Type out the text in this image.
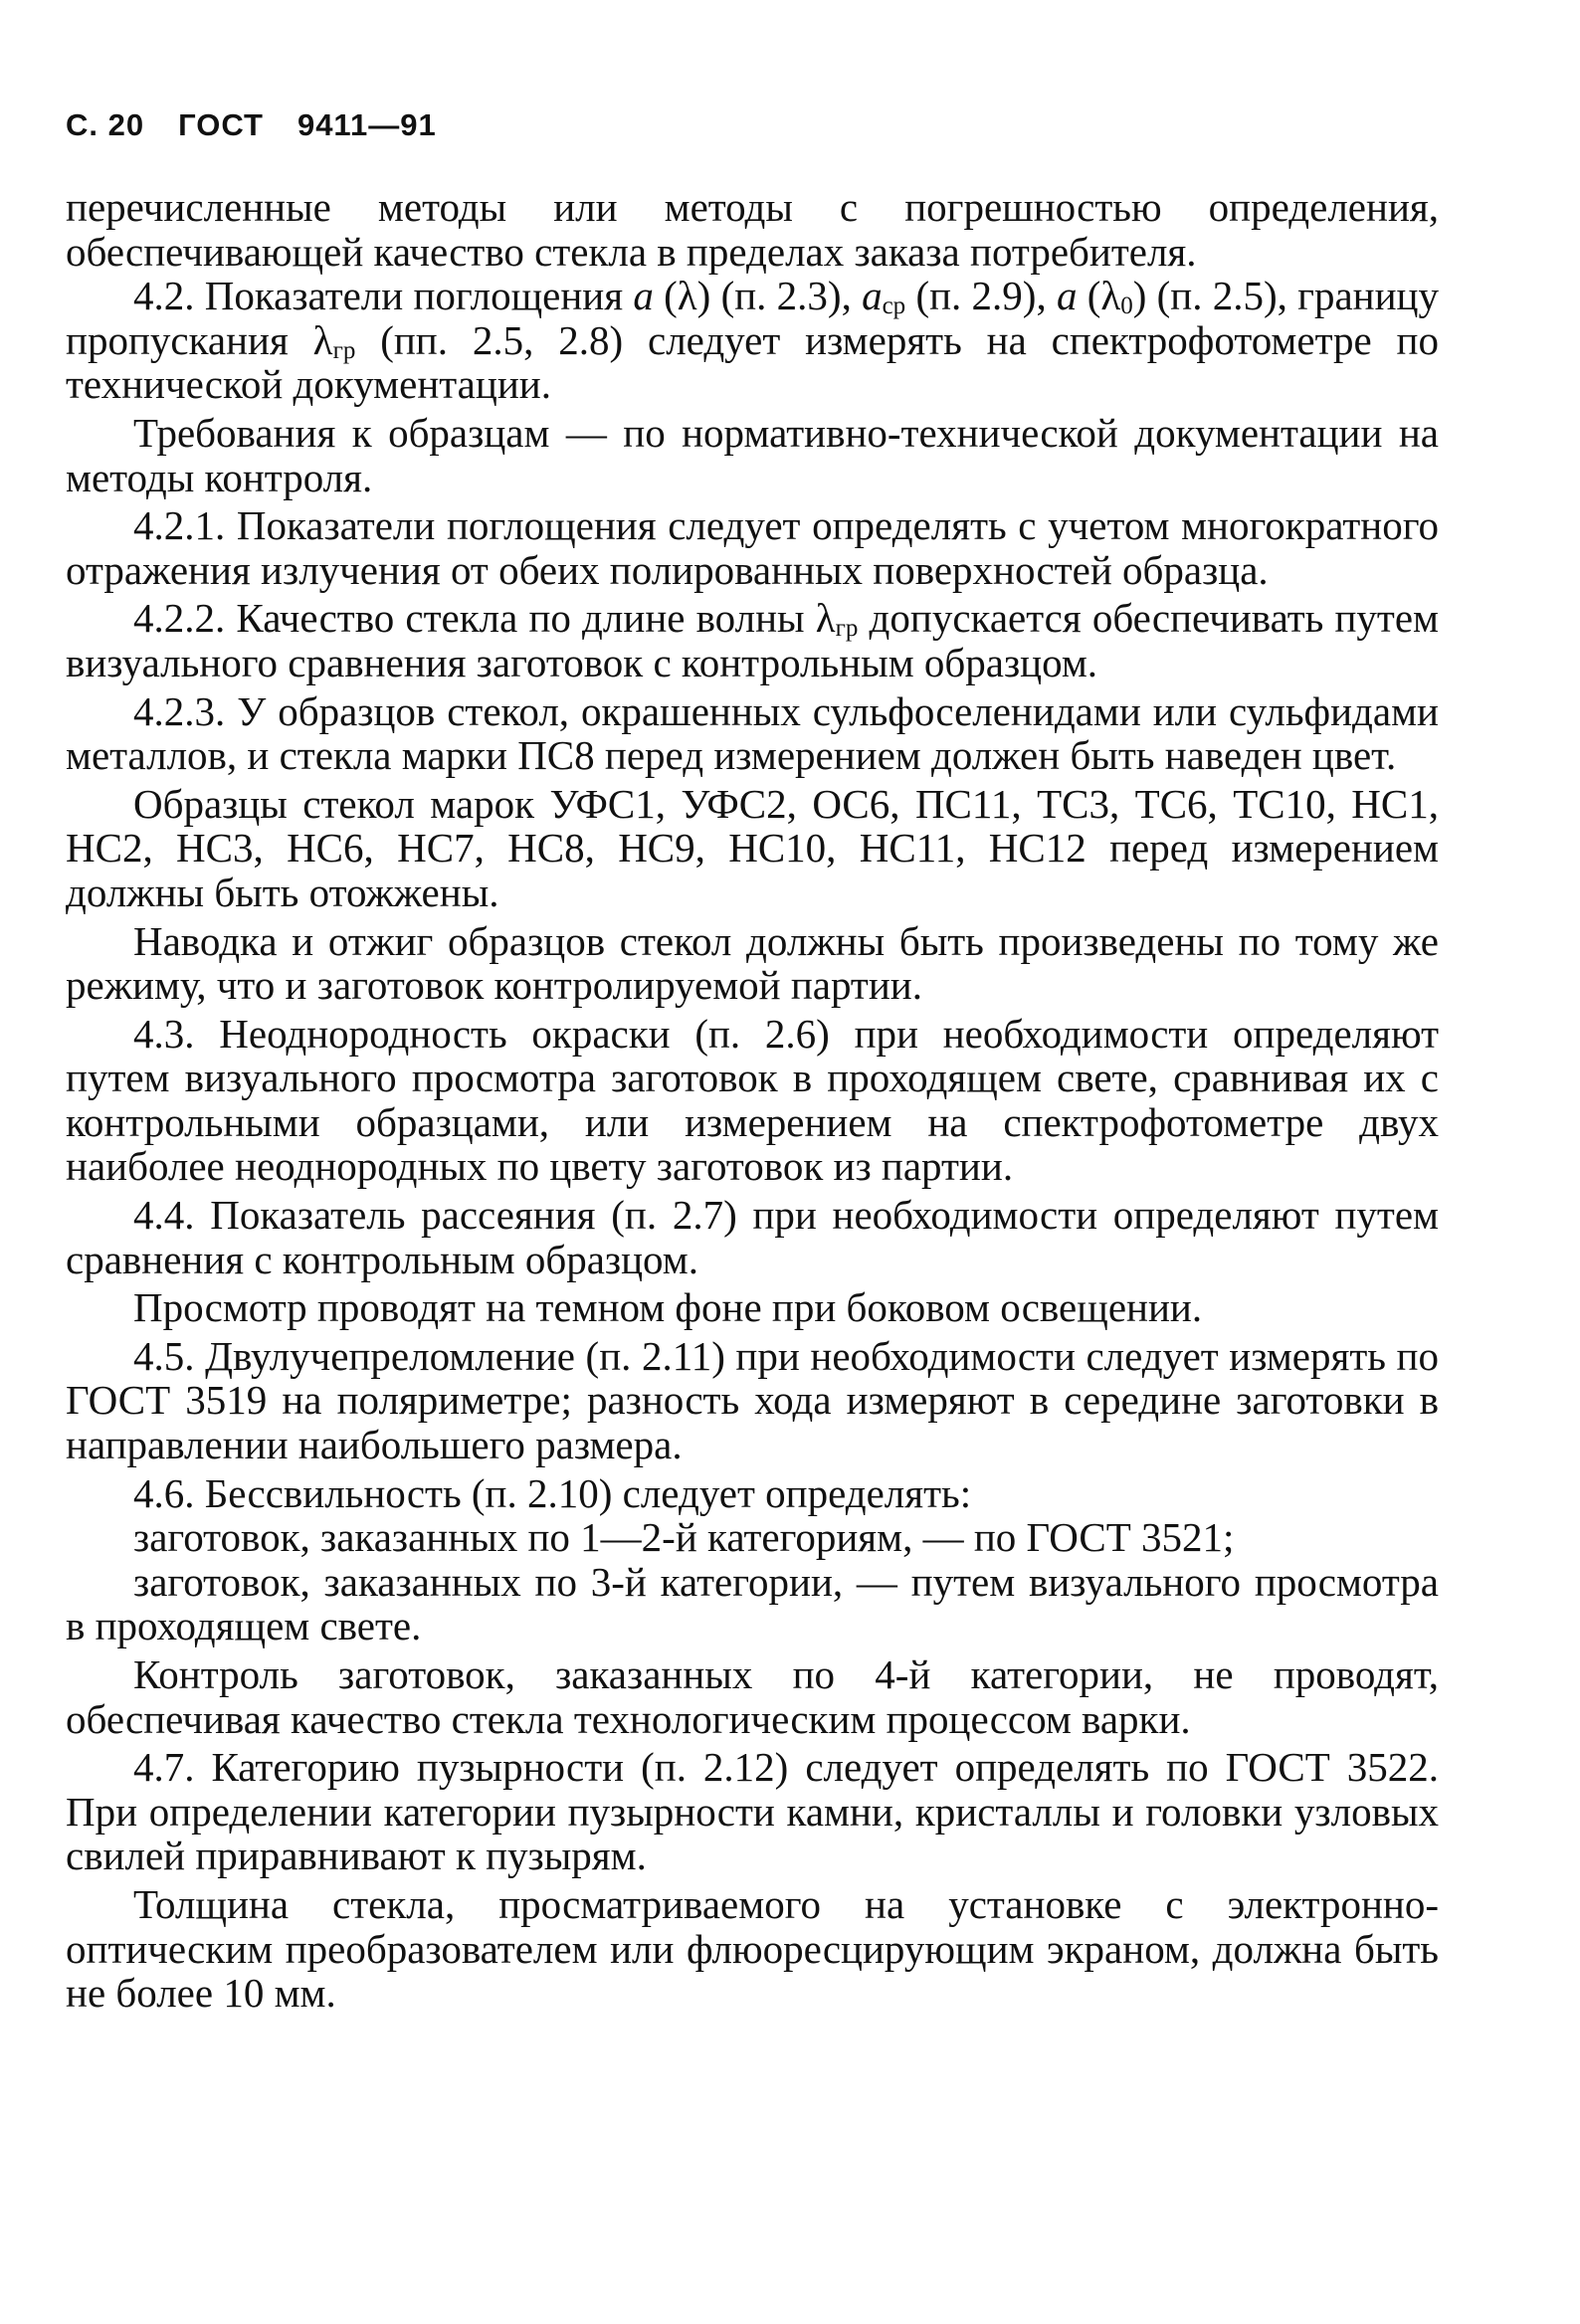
С. 20 ГОСТ 9411—91

перечисленные методы или методы с погрешностью определения, обеспечивающей качество стекла в пределах заказа потребителя.

4.2. Показатели поглощения a (λ) (п. 2.3), $a_{ср}$ (п. 2.9), a $(\lambda_0)$ (п. 2.5), границу пропускания $\lambda_{гр}$ (пп. 2.5, 2.8) следует измерять на спектрофотометре по технической документации.

Требования к образцам — по нормативно-технической документации на методы контроля.

4.2.1. Показатели поглощения следует определять с учетом многократного отражения излучения от обеих полированных поверхностей образца.

4.2.2. Качество стекла по длине волны $\lambda_{гр}$ допускается обеспечивать путем визуального сравнения заготовок с контрольным образцом.

4.2.3. У образцов стекол, окрашенных сульфоселенидами или сульфидами металлов, и стекла марки ПС8 перед измерением должен быть наведен цвет.

Образцы стекол марок УФС1, УФС2, ОС6, ПС11, ТС3, ТС6, ТС10, НС1, НС2, НС3, НС6, НС7, НС8, НС9, НС10, НС11, НС12 перед измерением должны быть отожжены.

Наводка и отжиг образцов стекол должны быть произведены по тому же режиму, что и заготовок контролируемой партии.

4.3. Неоднородность окраски (п. 2.6) при необходимости определяют путем визуального просмотра заготовок в проходящем свете, сравнивая их с контрольными образцами, или измерением на спектрофотометре двух наиболее неоднородных по цвету заготовок из партии.

4.4. Показатель рассеяния (п. 2.7) при необходимости определяют путем сравнения с контрольным образцом.

Просмотр проводят на темном фоне при боковом освещении.

4.5. Двулучепреломление (п. 2.11) при необходимости следует измерять по ГОСТ 3519 на поляриметре; разность хода измеряют в середине заготовки в направлении наибольшего размера.

4.6. Бессвильность (п. 2.10) следует определять:

заготовок, заказанных по 1—2-й категориям, — по ГОСТ 3521;

заготовок, заказанных по 3-й категории, — путем визуального просмотра в проходящем свете.

Контроль заготовок, заказанных по 4-й категории, не проводят, обеспечивая качество стекла технологическим процессом варки.

4.7. Категорию пузырности (п. 2.12) следует определять по ГОСТ 3522. При определении категории пузырности камни, кристаллы и головки узловых свилей приравнивают к пузырям.

Толщина стекла, просматриваемого на установке с электронно-оптическим преобразователем или флюоресцирующим экраном, должна быть не более 10 мм.
